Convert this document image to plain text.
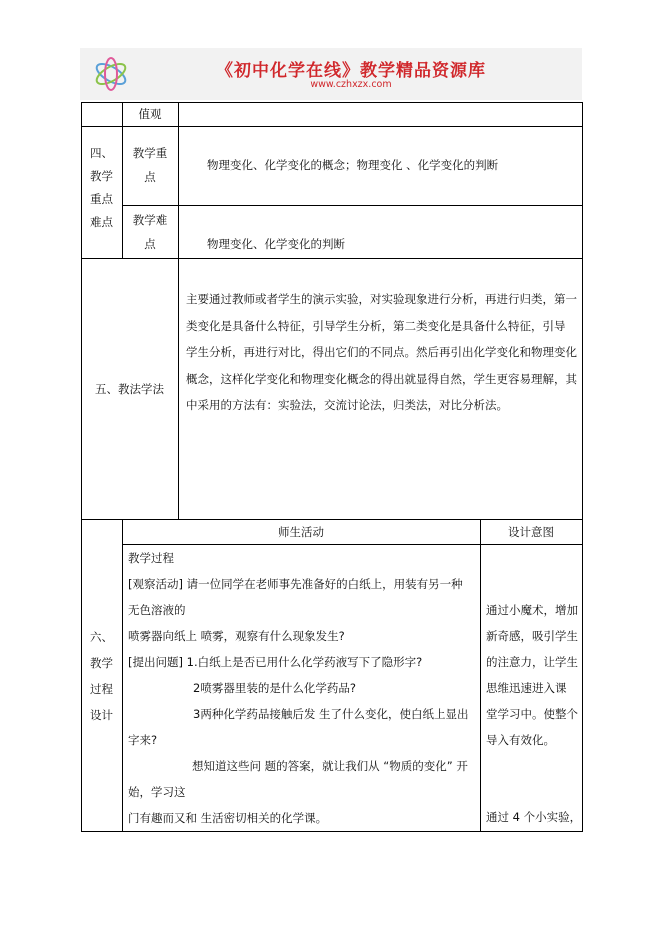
《初中化学在线》教学精品资源库
www.czhxzx.com
值观
四、
教学
重点
难点
教学重
点
物理变化、化学变化的概念；物理变化 、化学变化的判断
教学难
点	物理变化、化学变化的判断
五、教法学法
主要通过教师或者学生的演示实验，对实验现象进行分析，再进行归类，第一
类变化是具备什么特征，引导学生分析，第二类变化是具备什么特征，引导
学生分析，再进行对比，得出它们的不同点。然后再引出化学变化和物理变化
概念，这样化学变化和物理变化概念的得出就显得自然，学生更容易理解，其
中采用的方法有：实验法，交流讨论法，归类法，对比分析法。
六、
教学
过程
设计
师生活动	设计意图
教学过程
[观察活动] 请一位同学在老师事先准备好的白纸上，用装有另一种
无色溶液的
喷雾器向纸上 喷雾，观察有什么现象发生?
[提出问题] 1.白纸上是否已用什么化学药液写下了隐形字?
2喷雾器里装的是什么化学药品?
3两种化学药品接触后发 生了什么变化，使白纸上显出
字来?
想知道这些问 题的答案，就让我们从 “物质的变化” 开
始，学习这
门有趣而又和 生活密切相关的化学课。
通过小魔术，增加
新奇感，吸引学生
的注意力，让学生
思维迅速进入课
堂学习中。使整个
导入有效化。
通过 4 个小实验，
